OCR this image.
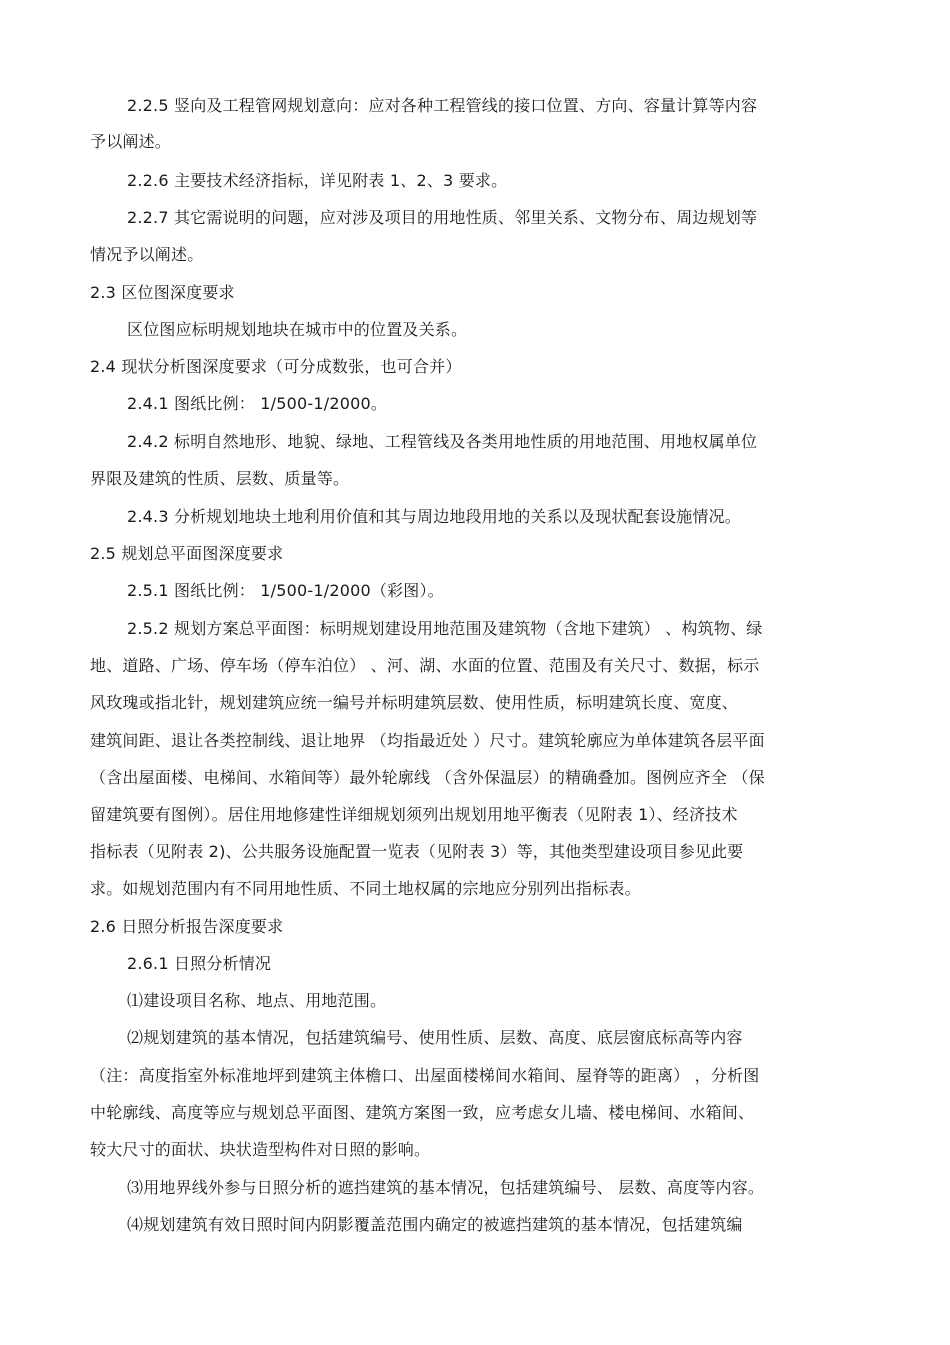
2.2.5 竖向及工程管网规划意向：应对各种工程管线的接口位置、方向、容量计算等内容
予以阐述。
2.2.6 主要技术经济指标，详见附表 1、2、3 要求。
2.2.7 其它需说明的问题，应对涉及项目的用地性质、邻里关系、文物分布、周边规划等
情况予以阐述。
2.3 区位图深度要求
区位图应标明规划地块在城市中的位置及关系。
2.4 现状分析图深度要求（可分成数张，也可合并）
2.4.1 图纸比例： 1/500-1/2000。
2.4.2 标明自然地形、地貌、绿地、工程管线及各类用地性质的用地范围、用地权属单位
界限及建筑的性质、层数、质量等。
2.4.3 分析规划地块土地利用价值和其与周边地段用地的关系以及现状配套设施情况。
2.5 规划总平面图深度要求
2.5.1 图纸比例： 1/500-1/2000（彩图）。
2.5.2 规划方案总平面图：标明规划建设用地范围及建筑物（含地下建筑） 、构筑物、绿
地、道路、广场、停车场（停车泊位） 、河、湖、水面的位置、范围及有关尺寸、数据，标示
风玫瑰或指北针，规划建筑应统一编号并标明建筑层数、使用性质，标明建筑长度、宽度、
建筑间距、退让各类控制线、退让地界 （均指最近处 ）尺寸。建筑轮廓应为单体建筑各层平面
（含出屋面楼、电梯间、水箱间等）最外轮廓线 （含外保温层）的精确叠加。图例应齐全 （保
留建筑要有图例）。居住用地修建性详细规划须列出规划用地平衡表（见附表 1）、经济技术
指标表（见附表 2)、公共服务设施配置一览表（见附表 3）等，其他类型建设项目参见此要
求。如规划范围内有不同用地性质、不同土地权属的宗地应分别列出指标表。
2.6 日照分析报告深度要求
2.6.1 日照分析情况
⑴建设项目名称、地点、用地范围。
⑵规划建筑的基本情况，包括建筑编号、使用性质、层数、高度、底层窗底标高等内容
（注：高度指室外标准地坪到建筑主体檐口、出屋面楼梯间水箱间、屋脊等的距离） ，分析图
中轮廓线、高度等应与规划总平面图、建筑方案图一致，应考虑女儿墙、楼电梯间、水箱间、
较大尺寸的面状、块状造型构件对日照的影响。
⑶用地界线外参与日照分析的遮挡建筑的基本情况，包括建筑编号、 层数、高度等内容。
⑷规划建筑有效日照时间内阴影覆盖范围内确定的被遮挡建筑的基本情况，包括建筑编
